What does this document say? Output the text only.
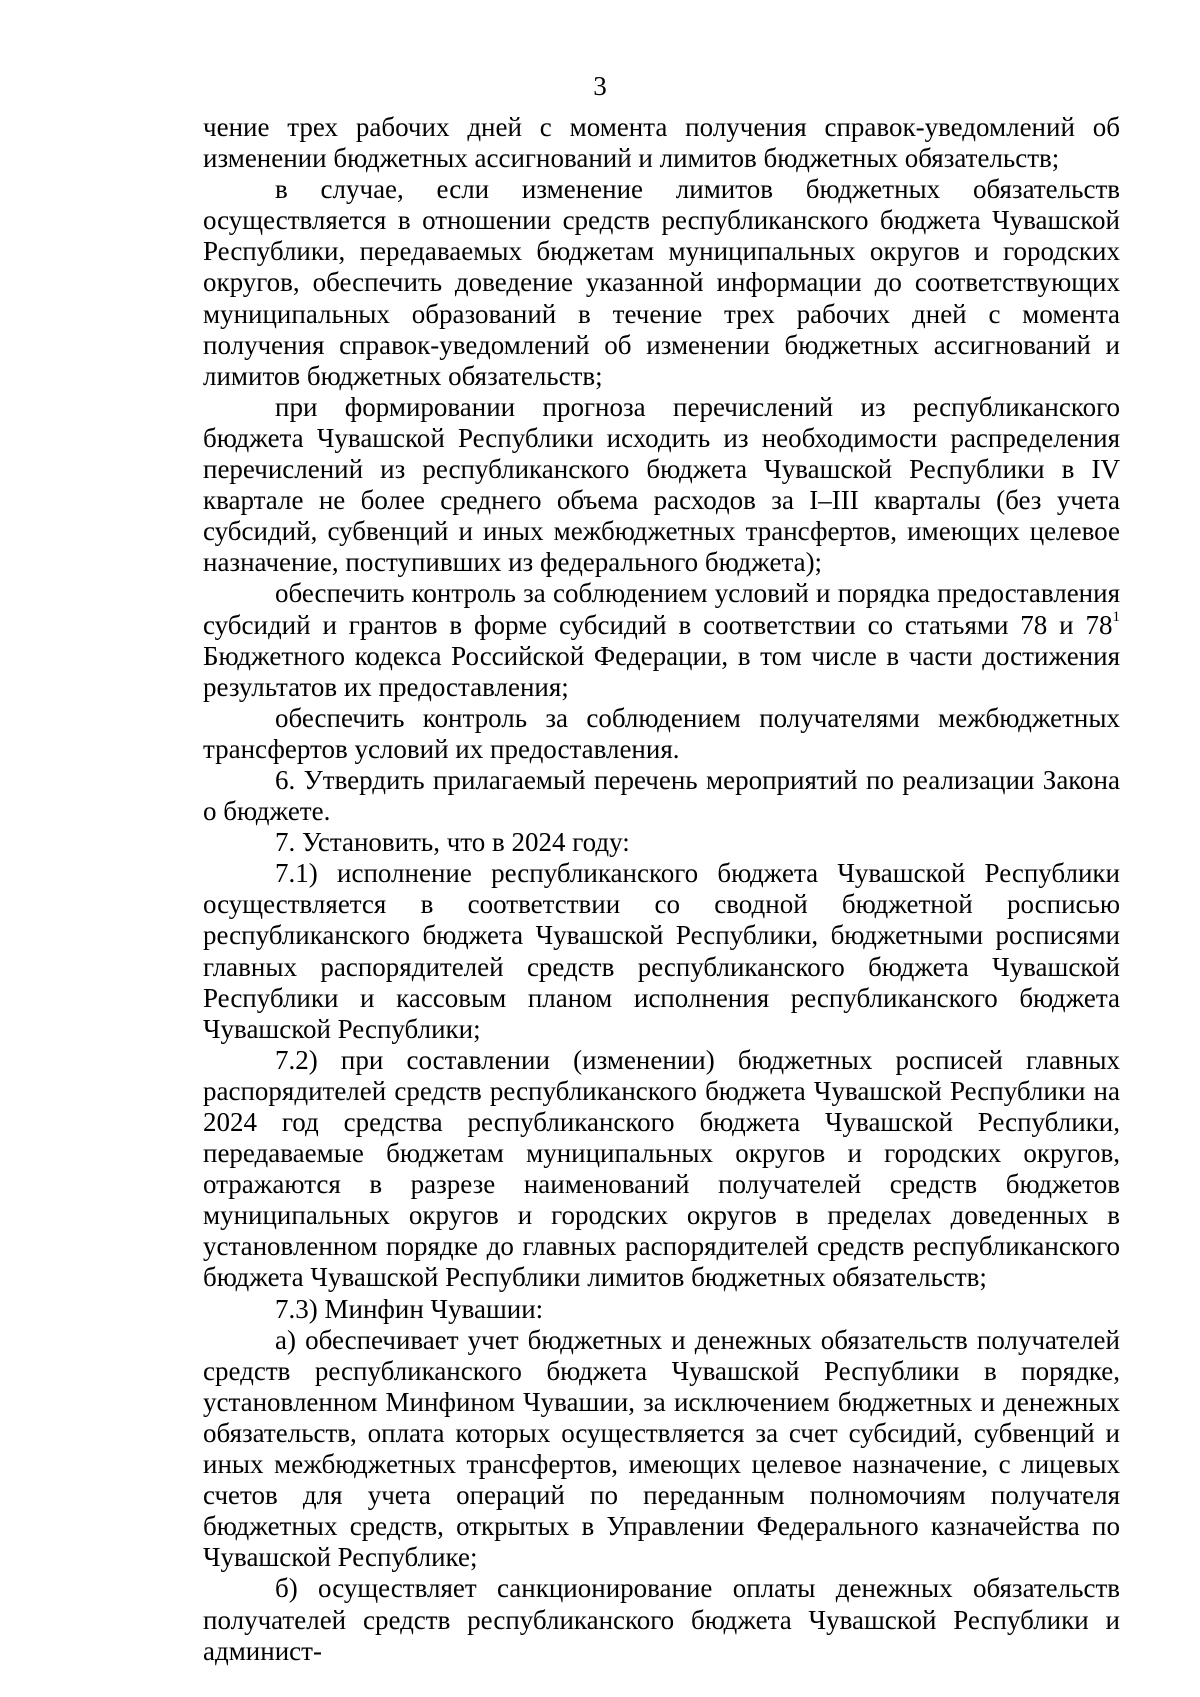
3

чение трех рабочих дней с момента получения справок-уведомлений об изменении бюджетных ассигнований и лимитов бюджетных обязательств;

в случае, если изменение лимитов бюджетных обязательств осуществляется в отношении средств республиканского бюджета Чувашской Республики, передаваемых бюджетам муниципальных округов и городских округов, обеспечить доведение указанной информации до соответствующих муниципальных образований в течение трех рабочих дней с момента получения справок-уведомлений об изменении бюджетных ассигнований и лимитов бюджетных обязательств;

при формировании прогноза перечислений из республиканского бюджета Чувашской Республики исходить из необходимости распределения перечислений из республиканского бюджета Чувашской Республики в IV квартале не более среднего объема расходов за I–III кварталы (без учета субсидий, субвенций и иных межбюджетных трансфертов, имеющих целевое назначение, поступивших из федерального бюджета);

обеспечить контроль за соблюдением условий и порядка предоставления субсидий и грантов в форме субсидий в соответствии со статьями 78 и $78^1$ Бюджетного кодекса Российской Федерации, в том числе в части достижения результатов их предоставления;

обеспечить контроль за соблюдением получателями межбюджетных трансфертов условий их предоставления.

6. Утвердить прилагаемый перечень мероприятий по реализации Закона о бюджете.

7. Установить, что в 2024 году:

7.1) исполнение республиканского бюджета Чувашской Республики осуществляется в соответствии со сводной бюджетной росписью республиканского бюджета Чувашской Республики, бюджетными росписями главных распорядителей средств республиканского бюджета Чувашской Республики и кассовым планом исполнения республиканского бюджета Чувашской Республики;

7.2) при составлении (изменении) бюджетных росписей главных распорядителей средств республиканского бюджета Чувашской Республики на 2024 год средства республиканского бюджета Чувашской Республики, передаваемые бюджетам муниципальных округов и городских округов, отражаются в разрезе наименований получателей средств бюджетов муниципальных округов и городских округов в пределах доведенных в установленном порядке до главных распорядителей средств республиканского бюджета Чувашской Республики лимитов бюджетных обязательств;

7.3) Минфин Чувашии:

а) обеспечивает учет бюджетных и денежных обязательств получателей средств республиканского бюджета Чувашской Республики в порядке, установленном Минфином Чувашии, за исключением бюджетных и денежных обязательств, оплата которых осуществляется за счет субсидий, субвенций и иных межбюджетных трансфертов, имеющих целевое назначение, с лицевых счетов для учета операций по переданным полномочиям получателя бюджетных средств, открытых в Управлении Федерального казначейства по Чувашской Республике;

б) осуществляет санкционирование оплаты денежных обязательств получателей средств республиканского бюджета Чувашской Республики и админист-
